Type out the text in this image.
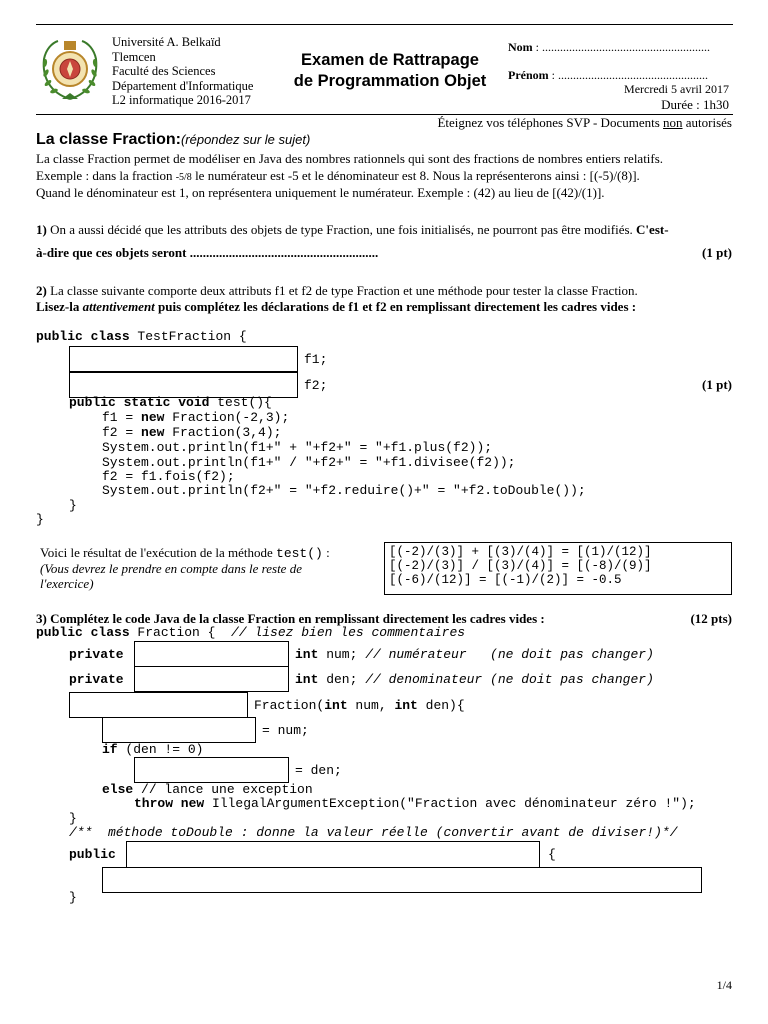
Université A. Belkaïd
Tlemcen
Faculté des Sciences
Département d'Informatique
L2 informatique 2016-2017
Examen de Rattrapage
de Programmation Objet
Nom : ........................................................
Prénom : ..................................................
Mercredi 5 avril 2017
Durée : 1h30
Éteignez vos téléphones SVP - Documents non autorisés
La classe Fraction:(répondez sur le sujet)
La classe Fraction permet de modéliser en Java des nombres rationnels qui sont des fractions de nombres entiers relatifs.
Exemple : dans la fraction -5/8 le numérateur est -5 et le dénominateur est 8. Nous la représenterons ainsi : [(-5)/(8)].
Quand le dénominateur est 1, on représentera uniquement le numérateur. Exemple : (42) au lieu de [(42)/(1)].
1) On a aussi décidé que les attributs des objets de type Fraction, une fois initialisés, ne pourront pas être modifiés. C'est-
à-dire que ces objets seront ..........................................................	(1 pt)
2) La classe suivante comporte deux attributs f1 et f2 de type Fraction et une méthode pour tester la classe Fraction.
Lisez-la attentivement puis complétez les déclarations de f1 et f2 en remplissant directement les cadres vides :
public class TestFraction {
f1;
f2;	(1 pt)
public static void test(){
f1 = new Fraction(-2,3);
f2 = new Fraction(3,4);
System.out.println(f1+" + "+f2+" = "+f1.plus(f2));
System.out.println(f1+" / "+f2+" = "+f1.divisee(f2));
f2 = f1.fois(f2);
System.out.println(f2+" = "+f2.reduire()+" = "+f2.toDouble());
}
}
Voici le résultat de l'exécution de la méthode test() :
(Vous devrez le prendre en compte dans le reste de
l'exercice)
[(-2)/(3)] + [(3)/(4)] = [(1)/(12)]
[(-2)/(3)] / [(3)/(4)] = [(-8)/(9)]
[(-6)/(12)] = [(-1)/(2)] = -0.5
3) Complétez le code Java de la classe Fraction en remplissant directement les cadres vides :	(12 pts)
public class Fraction {  // lisez bien les commentaires
private	int num; // numérateur   (ne doit pas changer)
private	int den; // denominateur (ne doit pas changer)
Fraction(int num, int den){
= num;
if (den != 0)
= den;
else // lance une exception
throw new IllegalArgumentException("Fraction avec dénominateur zéro !");
}
/**  méthode toDouble : donne la valeur réelle (convertir avant de diviser!)*/
public	{
}
1/4
